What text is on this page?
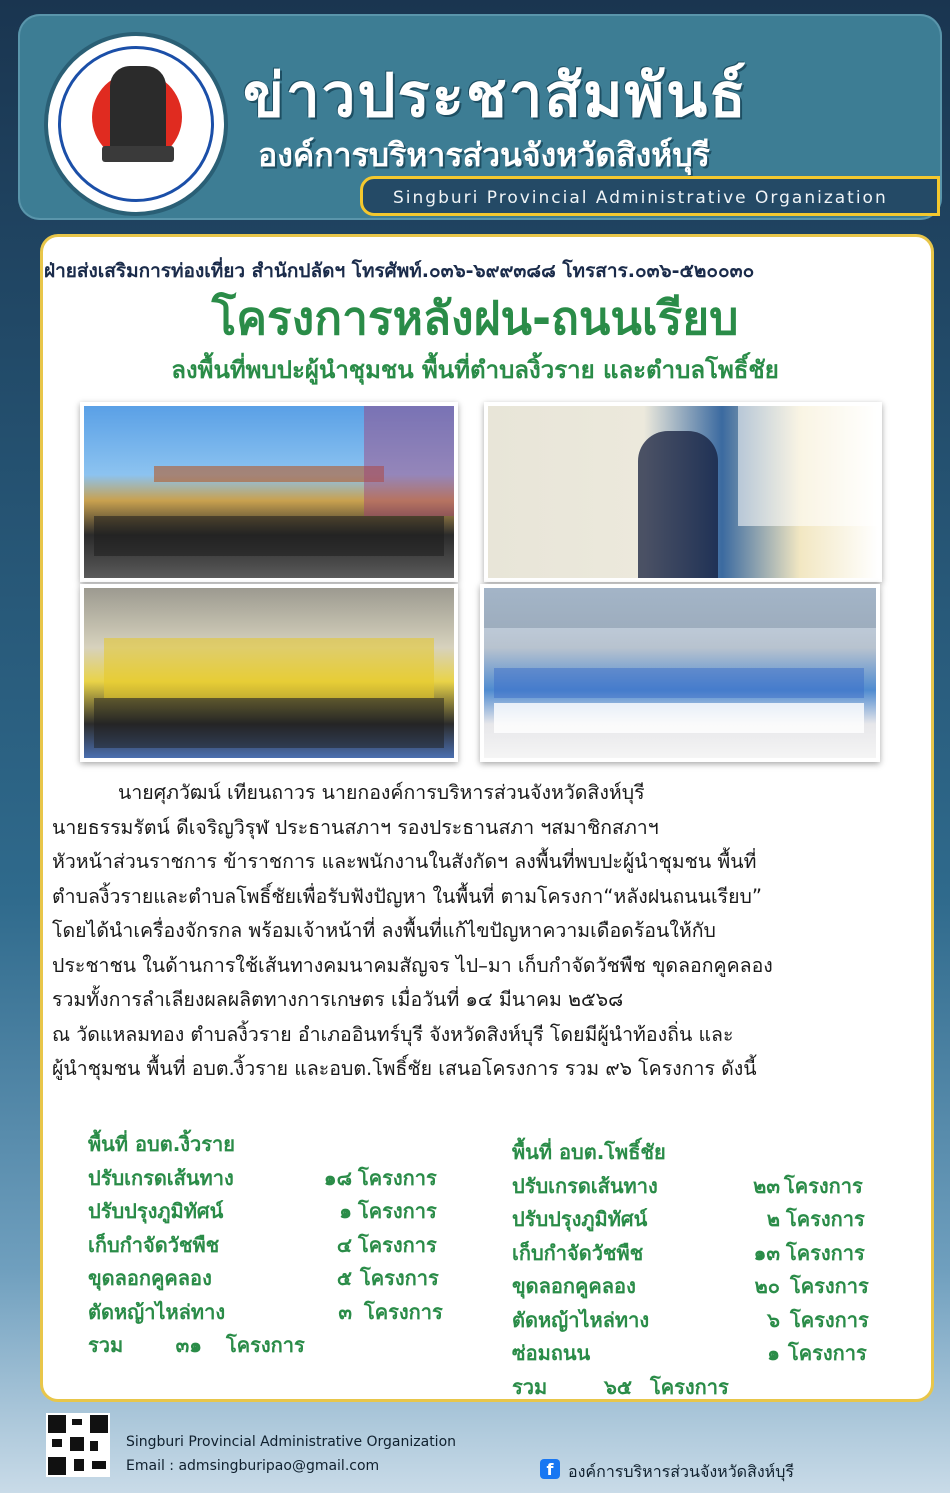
ข่าวประชาสัมพันธ์
องค์การบริหารส่วนจังหวัดสิงห์บุรี
Singburi Provincial Administrative Organization
ฝ่ายส่งเสริมการท่องเที่ยว สำนักปลัดฯ โทรศัพท์.๐๓๖-๖๙๙๓๘๘ โทรสาร.๐๓๖-๕๒๐๐๓๐
โครงการหลังฝน-ถนนเรียบ
ลงพื้นที่พบปะผู้นำชุมชน พื้นที่ตำบลงิ้วราย และตำบลโพธิ์ชัย
นายศุภวัฒน์ เทียนถาวร นายกองค์การบริหารส่วนจังหวัดสิงห์บุรี
นายธรรมรัตน์ ดีเจริญวิรุฬ ประธานสภาฯ รองประธานสภา ฯสมาชิกสภาฯ
หัวหน้าส่วนราชการ ข้าราชการ และพนักงานในสังกัดฯ ลงพื้นที่พบปะผู้นำชุมชน พื้นที่
ตำบลงิ้วรายและตำบลโพธิ์ชัยเพื่อรับฟังปัญหา ในพื้นที่ ตามโครงกา“หลังฝนถนนเรียบ”
โดยได้นำเครื่องจักรกล พร้อมเจ้าหน้าที่ ลงพื้นที่แก้ไขปัญหาความเดือดร้อนให้กับ
ประชาชน ในด้านการใช้เส้นทางคมนาคมสัญจร ไป–มา เก็บกำจัดวัชพืช ขุดลอกคูคลอง
รวมทั้งการลำเลียงผลผลิตทางการเกษตร เมื่อวันที่ ๑๔ มีนาคม ๒๕๖๘
ณ วัดแหลมทอง ตำบลงิ้วราย อำเภออินทร์บุรี จังหวัดสิงห์บุรี โดยมีผู้นำท้องถิ่น และ
ผู้นำชุมชน พื้นที่ อบต.งิ้วราย และอบต.โพธิ์ชัย เสนอโครงการ รวม ๙๖ โครงการ ดังนี้
พื้นที่ อบต.งิ้วราย
ปรับเกรดเส้นทาง	๑๘ โครงการ
ปรับปรุงภูมิทัศน์	๑ โครงการ
เก็บกำจัดวัชพืช	๔ โครงการ
ขุดลอกคูคลอง	๕ โครงการ
ตัดหญ้าไหล่ทาง	๓ โครงการ
รวม	๓๑ โครงการ
พื้นที่ อบต.โพธิ์ชัย
ปรับเกรดเส้นทาง	๒๓ โครงการ
ปรับปรุงภูมิทัศน์	๒ โครงการ
เก็บกำจัดวัชพืช	๑๓ โครงการ
ขุดลอกคูคลอง	๒๐ โครงการ
ตัดหญ้าไหล่ทาง	๖ โครงการ
ซ่อมถนน	๑ โครงการ
รวม	๖๕ โครงการ
Singburi Provincial Administrative Organization
Email : admsingburipao@gmail.com	f องค์การบริหารส่วนจังหวัดสิงห์บุรี
